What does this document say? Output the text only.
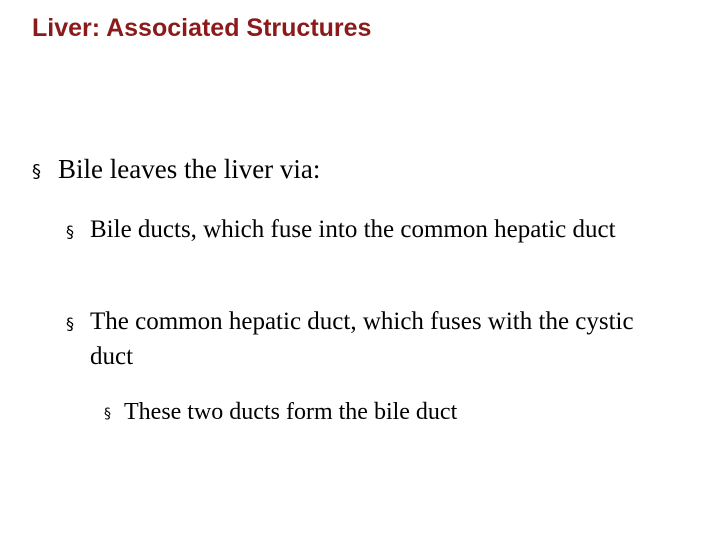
Liver: Associated Structures
§ Bile leaves the liver via:
§ Bile ducts, which fuse into the common hepatic duct
§ The common hepatic duct, which fuses with the cystic duct
§ These two ducts form the bile duct
